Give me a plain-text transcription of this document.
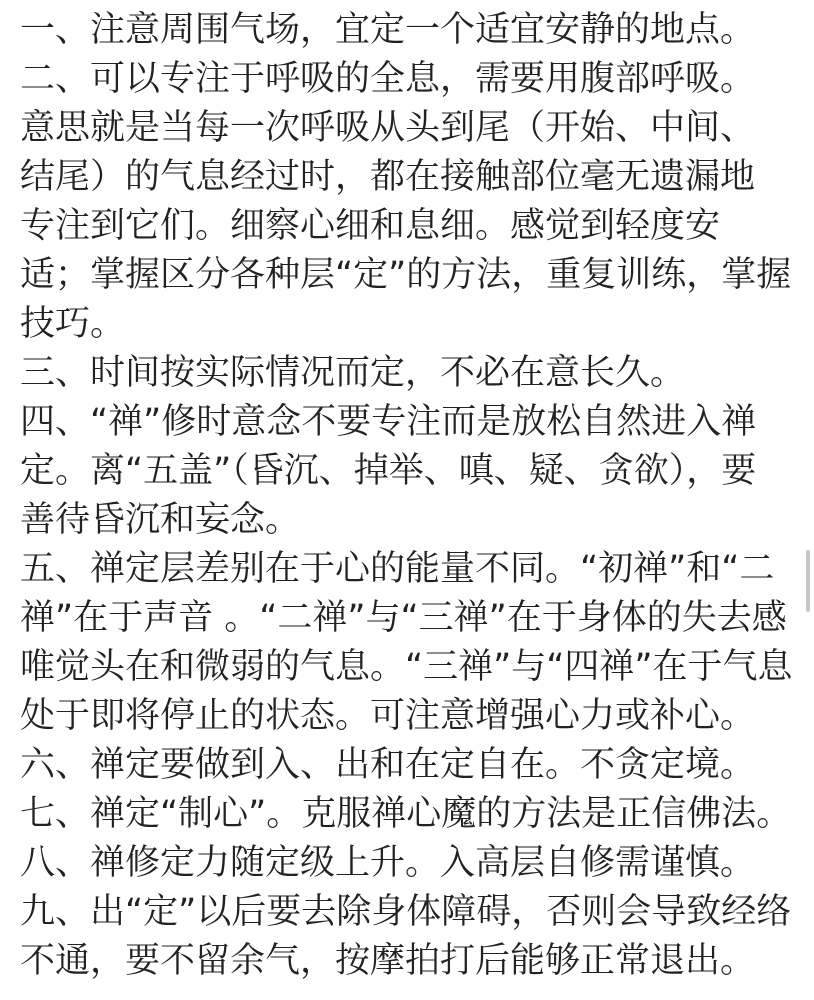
一、注意周围气场，宜定一个适宜安静的地点。
二、可以专注于呼吸的全息，需要用腹部呼吸。
意思就是当每一次呼吸从头到尾（开始、中间、
结尾）的气息经过时，都在接触部位毫无遗漏地
专注到它们。细察心细和息细。感觉到轻度安
适；掌握区分各种层“定”的方法，重复训练，掌握
技巧。
三、时间按实际情况而定，不必在意长久。
四、“禅”修时意念不要专注而是放松自然进入禅
定。离“五盖”（昏沉、掉举、嗔、疑、贪欲），要
善待昏沉和妄念。
五、禅定层差别在于心的能量不同。“初禅”和“二
禅”在于声音 。“二禅”与“三禅”在于身体的失去感
唯觉头在和微弱的气息。“三禅”与“四禅”在于气息
处于即将停止的状态。可注意增强心力或补心。
六、禅定要做到入、出和在定自在。不贪定境。
七、禅定“制心”。克服禅心魔的方法是正信佛法。
八、禅修定力随定级上升。入高层自修需谨慎。
九、出“定”以后要去除身体障碍，否则会导致经络
不通，要不留余气，按摩拍打后能够正常退出。
